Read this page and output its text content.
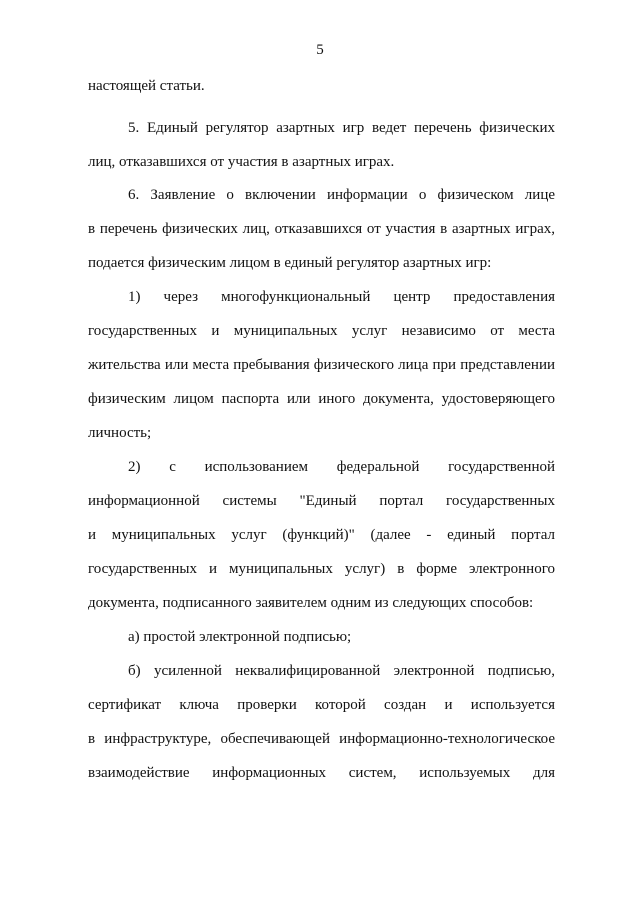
5
настоящей статьи.
5. Единый регулятор азартных игр ведет перечень физических
лиц, отказавшихся от участия в азартных играх.
6. Заявление о включении информации о физическом лице
в перечень физических лиц, отказавшихся от участия в азартных играх,
подается физическим лицом в единый регулятор азартных игр:
1) через многофункциональный центр предоставления
государственных и муниципальных услуг независимо от места
жительства или места пребывания физического лица при представлении
физическим лицом паспорта или иного документа, удостоверяющего
личность;
2) с использованием федеральной государственной
информационной системы "Единый портал государственных
и муниципальных услуг (функций)" (далее - единый портал
государственных и муниципальных услуг) в форме электронного
документа, подписанного заявителем одним из следующих способов:
а) простой электронной подписью;
б) усиленной неквалифицированной электронной подписью,
сертификат ключа проверки которой создан и используется
в инфраструктуре, обеспечивающей информационно-технологическое
взаимодействие информационных систем, используемых для
